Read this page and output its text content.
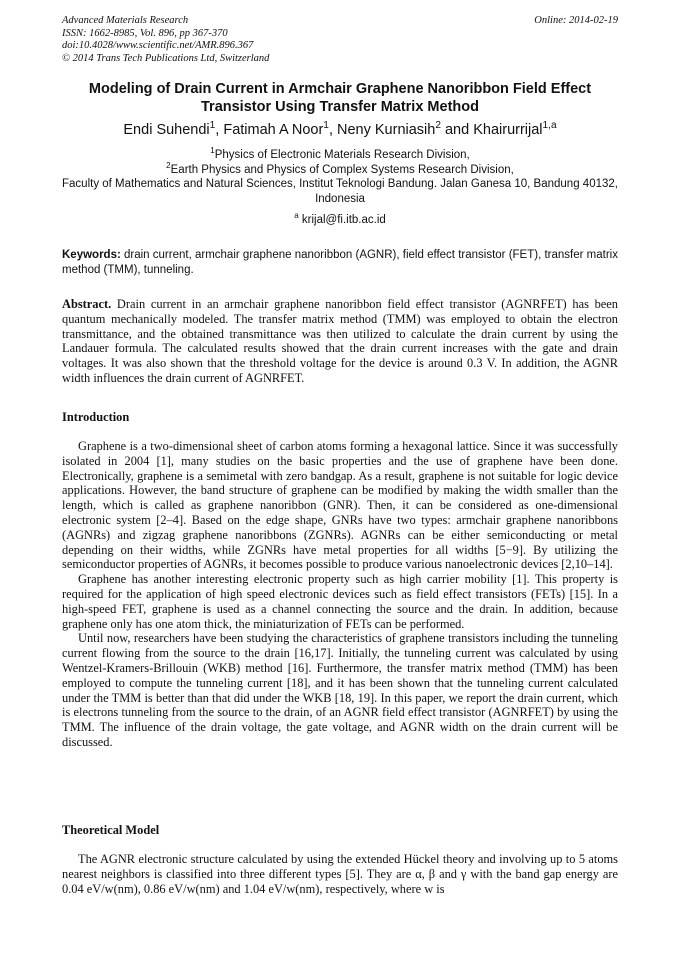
Advanced Materials Research
ISSN: 1662-8985, Vol. 896, pp 367-370
doi:10.4028/www.scientific.net/AMR.896.367
© 2014 Trans Tech Publications Ltd, Switzerland
Online: 2014-02-19
Modeling of Drain Current in Armchair Graphene Nanoribbon Field Effect Transistor Using Transfer Matrix Method
Endi Suhendi$^1$, Fatimah A Noor$^1$, Neny Kurniasih$^2$ and Khairurrijal$^{1,a}$
$^1$Physics of Electronic Materials Research Division,
$^2$Earth Physics and Physics of Complex Systems Research Division,
Faculty of Mathematics and Natural Sciences, Institut Teknologi Bandung. Jalan Ganesa 10, Bandung 40132, Indonesia
$^a$ krijal@fi.itb.ac.id
Keywords: drain current, armchair graphene nanoribbon (AGNR), field effect transistor (FET), transfer matrix method (TMM), tunneling.
Abstract. Drain current in an armchair graphene nanoribbon field effect transistor (AGNRFET) has been quantum mechanically modeled. The transfer matrix method (TMM) was employed to obtain the electron transmittance, and the obtained transmittance was then utilized to calculate the drain current by using the Landauer formula. The calculated results showed that the drain current increases with the gate and drain voltages. It was also shown that the threshold voltage for the device is around 0.3 V. In addition, the AGNR width influences the drain current of AGNRFET.
Introduction

Graphene is a two-dimensional sheet of carbon atoms forming a hexagonal lattice. Since it was successfully isolated in 2004 [1], many studies on the basic properties and the use of graphene have been done. Electronically, graphene is a semimetal with zero bandgap. As a result, graphene is not suitable for logic device applications. However, the band structure of graphene can be modified by making the width smaller than the length, which is called as graphene nanoribbon (GNR). Then, it can be considered as one-dimensional electronic system [2–4]. Based on the edge shape, GNRs have two types: armchair graphene nanoribbons (AGNRs) and zigzag graphene nanoribbons (ZGNRs). AGNRs can be either semiconducting or metal depending on their widths, while ZGNRs have metal properties for all widths [5−9]. By utilizing the semiconductor properties of AGNRs, it becomes possible to produce various nanoelectronic devices [2,10–14].

Graphene has another interesting electronic property such as high carrier mobility [1]. This property is required for the application of high speed electronic devices such as field effect transistors (FETs) [15]. In a high-speed FET, graphene is used as a channel connecting the source and the drain. In addition, because graphene only has one atom thick, the miniaturization of FETs can be performed.

Until now, researchers have been studying the characteristics of graphene transistors including the tunneling current flowing from the source to the drain [16,17]. Initially, the tunneling current was calculated by using Wentzel-Kramers-Brillouin (WKB) method [16]. Furthermore, the transfer matrix method (TMM) has been employed to compute the tunneling current [18], and it has been shown that the tunneling current calculated under the TMM is better than that did under the WKB [18, 19]. In this paper, we report the drain current, which is electrons tunneling from the source to the drain, of an AGNR field effect transistor (AGNRFET) by using the TMM. The influence of the drain voltage, the gate voltage, and AGNR width on the drain current will be discussed.

Theoretical Model

The AGNR electronic structure calculated by using the extended Hückel theory and involving up to 5 atoms nearest neighbors is classified into three different types [5]. They are α, β and γ with the band gap energy are 0.04 eV/w(nm), 0.86 eV/w(nm) and 1.04 eV/w(nm), respectively, where w is
